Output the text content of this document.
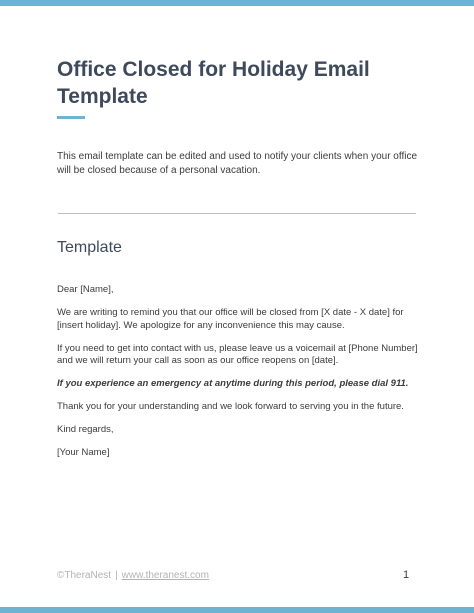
Office Closed for Holiday Email Template

This email template can be edited and used to notify your clients when your office will be closed because of a personal vacation.

Template

Dear [Name],

We are writing to remind you that our office will be closed from [X date - X date] for [insert holiday]. We apologize for any inconvenience this may cause.

If you need to get into contact with us, please leave us a voicemail at [Phone Number] and we will return your call as soon as our office reopens on [date].

If you experience an emergency at anytime during this period, please dial 911.

Thank you for your understanding and we look forward to serving you in the future.

Kind regards,

[Your Name]

©TheraNest | www.theranest.com	1
